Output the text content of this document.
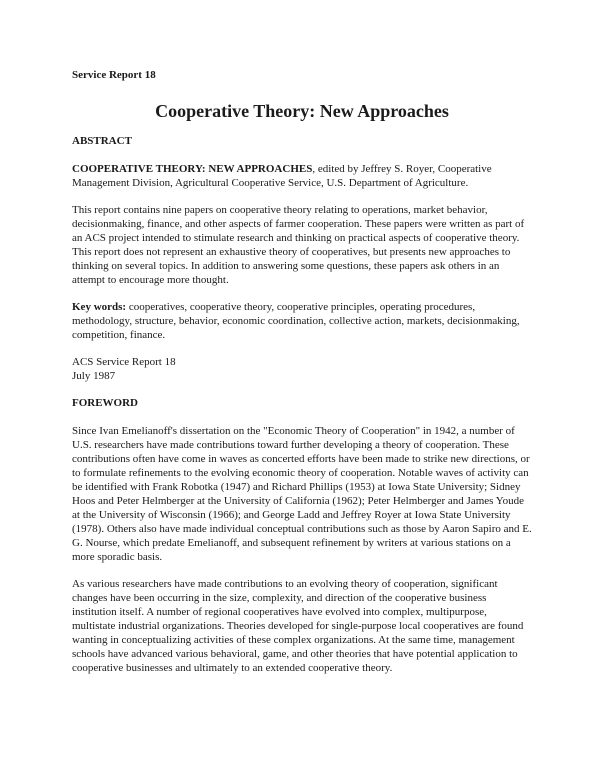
Service Report 18
Cooperative Theory: New Approaches
ABSTRACT

COOPERATIVE THEORY: NEW APPROACHES, edited by Jeffrey S. Royer, Cooperative Management Division, Agricultural Cooperative Service, U.S. Department of Agriculture.

This report contains nine papers on cooperative theory relating to operations, market behavior, decisionmaking, finance, and other aspects of farmer cooperation. These papers were written as part of an ACS project intended to stimulate research and thinking on practical aspects of cooperative theory. This report does not represent an exhaustive theory of cooperatives, but presents new approaches to thinking on several topics. In addition to answering some questions, these papers ask others in an attempt to encourage more thought.

Key words: cooperatives, cooperative theory, cooperative principles, operating procedures, methodology, structure, behavior, economic coordination, collective action, markets, decisionmaking, competition, finance.

ACS Service Report 18
July 1987

FOREWORD

Since Ivan Emelianoff's dissertation on the "Economic Theory of Cooperation" in 1942, a number of U.S. researchers have made contributions toward further developing a theory of cooperation. These contributions often have come in waves as concerted efforts have been made to strike new directions, or to formulate refinements to the evolving economic theory of cooperation. Notable waves of activity can be identified with Frank Robotka (1947) and Richard Phillips (1953) at Iowa State University; Sidney Hoos and Peter Helmberger at the University of California (1962); Peter Helmberger and James Youde at the University of Wisconsin (1966); and George Ladd and Jeffrey Royer at Iowa State University (1978). Others also have made individual conceptual contributions such as those by Aaron Sapiro and E. G. Nourse, which predate Emelianoff, and subsequent refinement by writers at various stations on a more sporadic basis.

As various researchers have made contributions to an evolving theory of cooperation, significant changes have been occurring in the size, complexity, and direction of the cooperative business institution itself. A number of regional cooperatives have evolved into complex, multipurpose, multistate industrial organizations. Theories developed for single-purpose local cooperatives are found wanting in conceptualizing activities of these complex organizations. At the same time, management schools have advanced various behavioral, game, and other theories that have potential application to cooperative businesses and ultimately to an extended cooperative theory.
